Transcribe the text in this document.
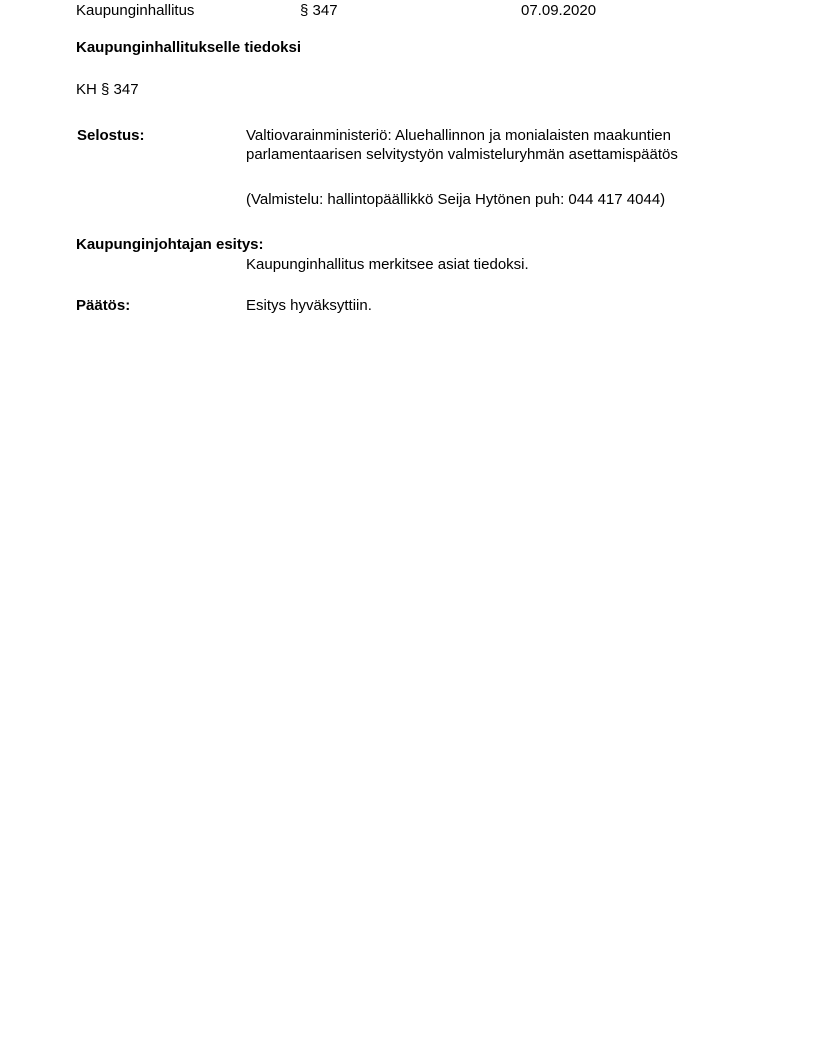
Kaupunginhallitus	§ 347	07.09.2020
Kaupunginhallitukselle tiedoksi
KH § 347
Selostus:	Valtiovarainministeriö: Aluehallinnon ja monialaisten maakuntien
parlamentaarisen selvitystyön valmisteluryhmän asettamispäätös
(Valmistelu: hallintopäällikkö Seija Hytönen puh: 044 417 4044)
Kaupunginjohtajan esitys:
Kaupunginhallitus merkitsee asiat tiedoksi.
Päätös:	Esitys hyväksyttiin.
